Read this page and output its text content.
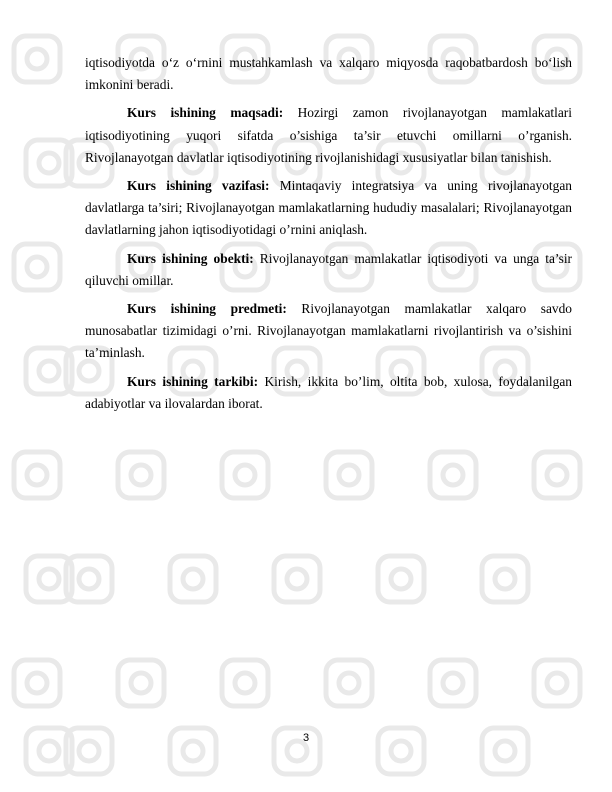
iqtisodiyotda o‘z o‘rnini mustahkamlash va xalqaro miqyosda raqobatbardosh bo‘lish imkonini beradi.

Kurs ishining maqsadi: Hozirgi zamon rivojlanayotgan mamlakatlari iqtisodiyotining yuqori sifatda o’sishiga ta’sir etuvchi omillarni o’rganish. Rivojlanayotgan davlatlar iqtisodiyotining rivojlanishidagi xususiyatlar bilan tanishish.

Kurs ishining vazifasi: Mintaqaviy integratsiya va uning rivojlanayotgan davlatlarga ta’siri; Rivojlanayotgan mamlakatlarning hududiy masalalari; Rivojlanayotgan davlatlarning jahon iqtisodiyotidagi o’rnini aniqlash.

Kurs ishining obekti: Rivojlanayotgan mamlakatlar iqtisodiyoti va unga ta’sir qiluvchi omillar.

Kurs ishining predmeti: Rivojlanayotgan mamlakatlar xalqaro savdo munosabatlar tizimidagi o’rni. Rivojlanayotgan mamlakatlarni rivojlantirish va o’sishini ta’minlash.

Kurs ishining tarkibi: Kirish, ikkita bo’lim, oltita bob, xulosa, foydalanilgan adabiyotlar va ilovalardan iborat.

3
